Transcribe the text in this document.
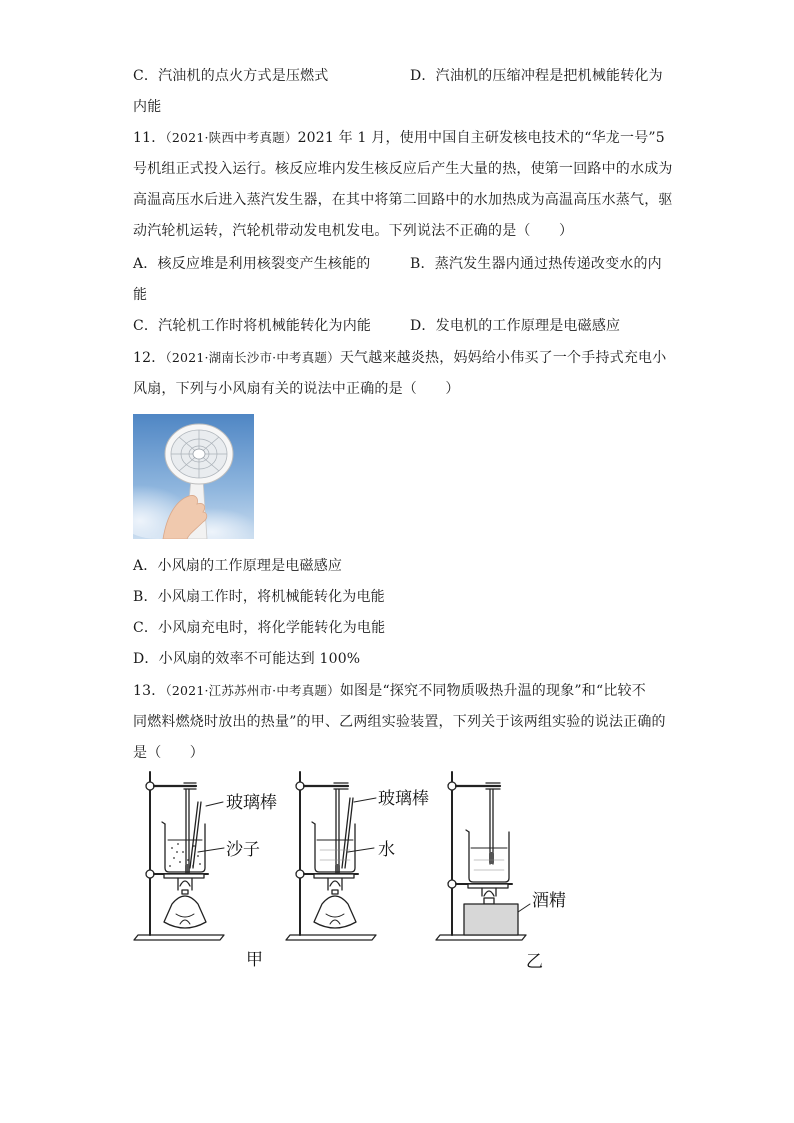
C．汽油机的点火方式是压燃式	D．汽油机的压缩冲程是把机械能转化为
内能
11．（2021·陕西中考真题）2021 年 1 月，使用中国自主研发核电技术的“华龙一号”5
号机组正式投入运行。核反应堆内发生核反应后产生大量的热，使第一回路中的水成为
高温高压水后进入蒸汽发生器，在其中将第二回路中的水加热成为高温高压水蒸气，驱
动汽轮机运转，汽轮机带动发电机发电。下列说法不正确的是（　　）
A．核反应堆是利用核裂变产生核能的	B．蒸汽发生器内通过热传递改变水的内
能
C．汽轮机工作时将机械能转化为内能	D．发电机的工作原理是电磁感应
12．（2021·湖南长沙市·中考真题）天气越来越炎热，妈妈给小伟买了一个手持式充电小
风扇，下列与小风扇有关的说法中正确的是（　　）
A．小风扇的工作原理是电磁感应
B．小风扇工作时，将机械能转化为电能
C．小风扇充电时，将化学能转化为电能
D．小风扇的效率不可能达到 100%
13．（2021·江苏苏州市·中考真题）如图是“探究不同物质吸热升温的现象”和“比较不
同燃料燃烧时放出的热量”的甲、乙两组实验装置，下列关于该两组实验的说法正确的
是（　　）
玻璃棒
沙子
玻璃棒
水
酒精
甲	乙
